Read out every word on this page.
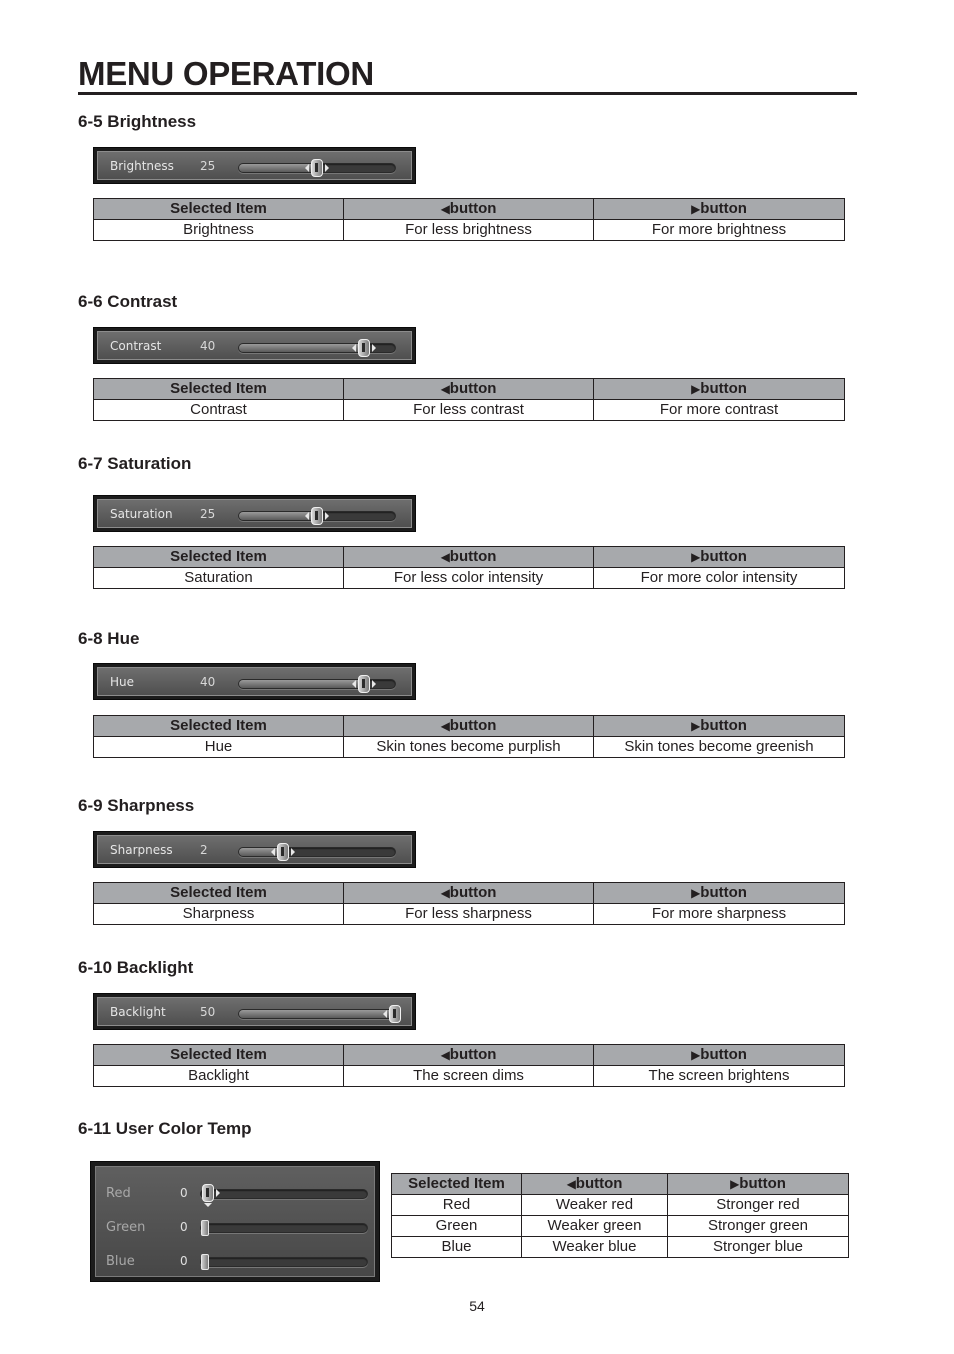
MENU OPERATION
6-5 Brightness
Brightness 25
Selected Item	◀button	▶button
Brightness	For less brightness	For more brightness
6-6 Contrast
Contrast	40
Selected Item	◀button	▶button
Contrast	For less contrast	For more contrast
6-7 Saturation
Saturation 25
Selected Item	◀button	▶button
Saturation	For less color intensity	For more color intensity
6-8 Hue
Hue	40
Selected Item	◀button	▶button
Hue	Skin tones become purplish	Skin tones become greenish
6-9 Sharpness
Sharpness 2
Selected Item	◀button	▶button
Sharpness	For less sharpness	For more sharpness
6-10 Backlight
Backlight	50
Selected Item	◀button	▶button
Backlight	The screen dims	The screen brightens
6-11 User Color Temp
Red	0
Green	0
Blue	0
Selected Item	◀button	▶button
Red	Weaker red	Stronger red
Green	Weaker green	Stronger green
Blue	Weaker blue	Stronger blue
54
